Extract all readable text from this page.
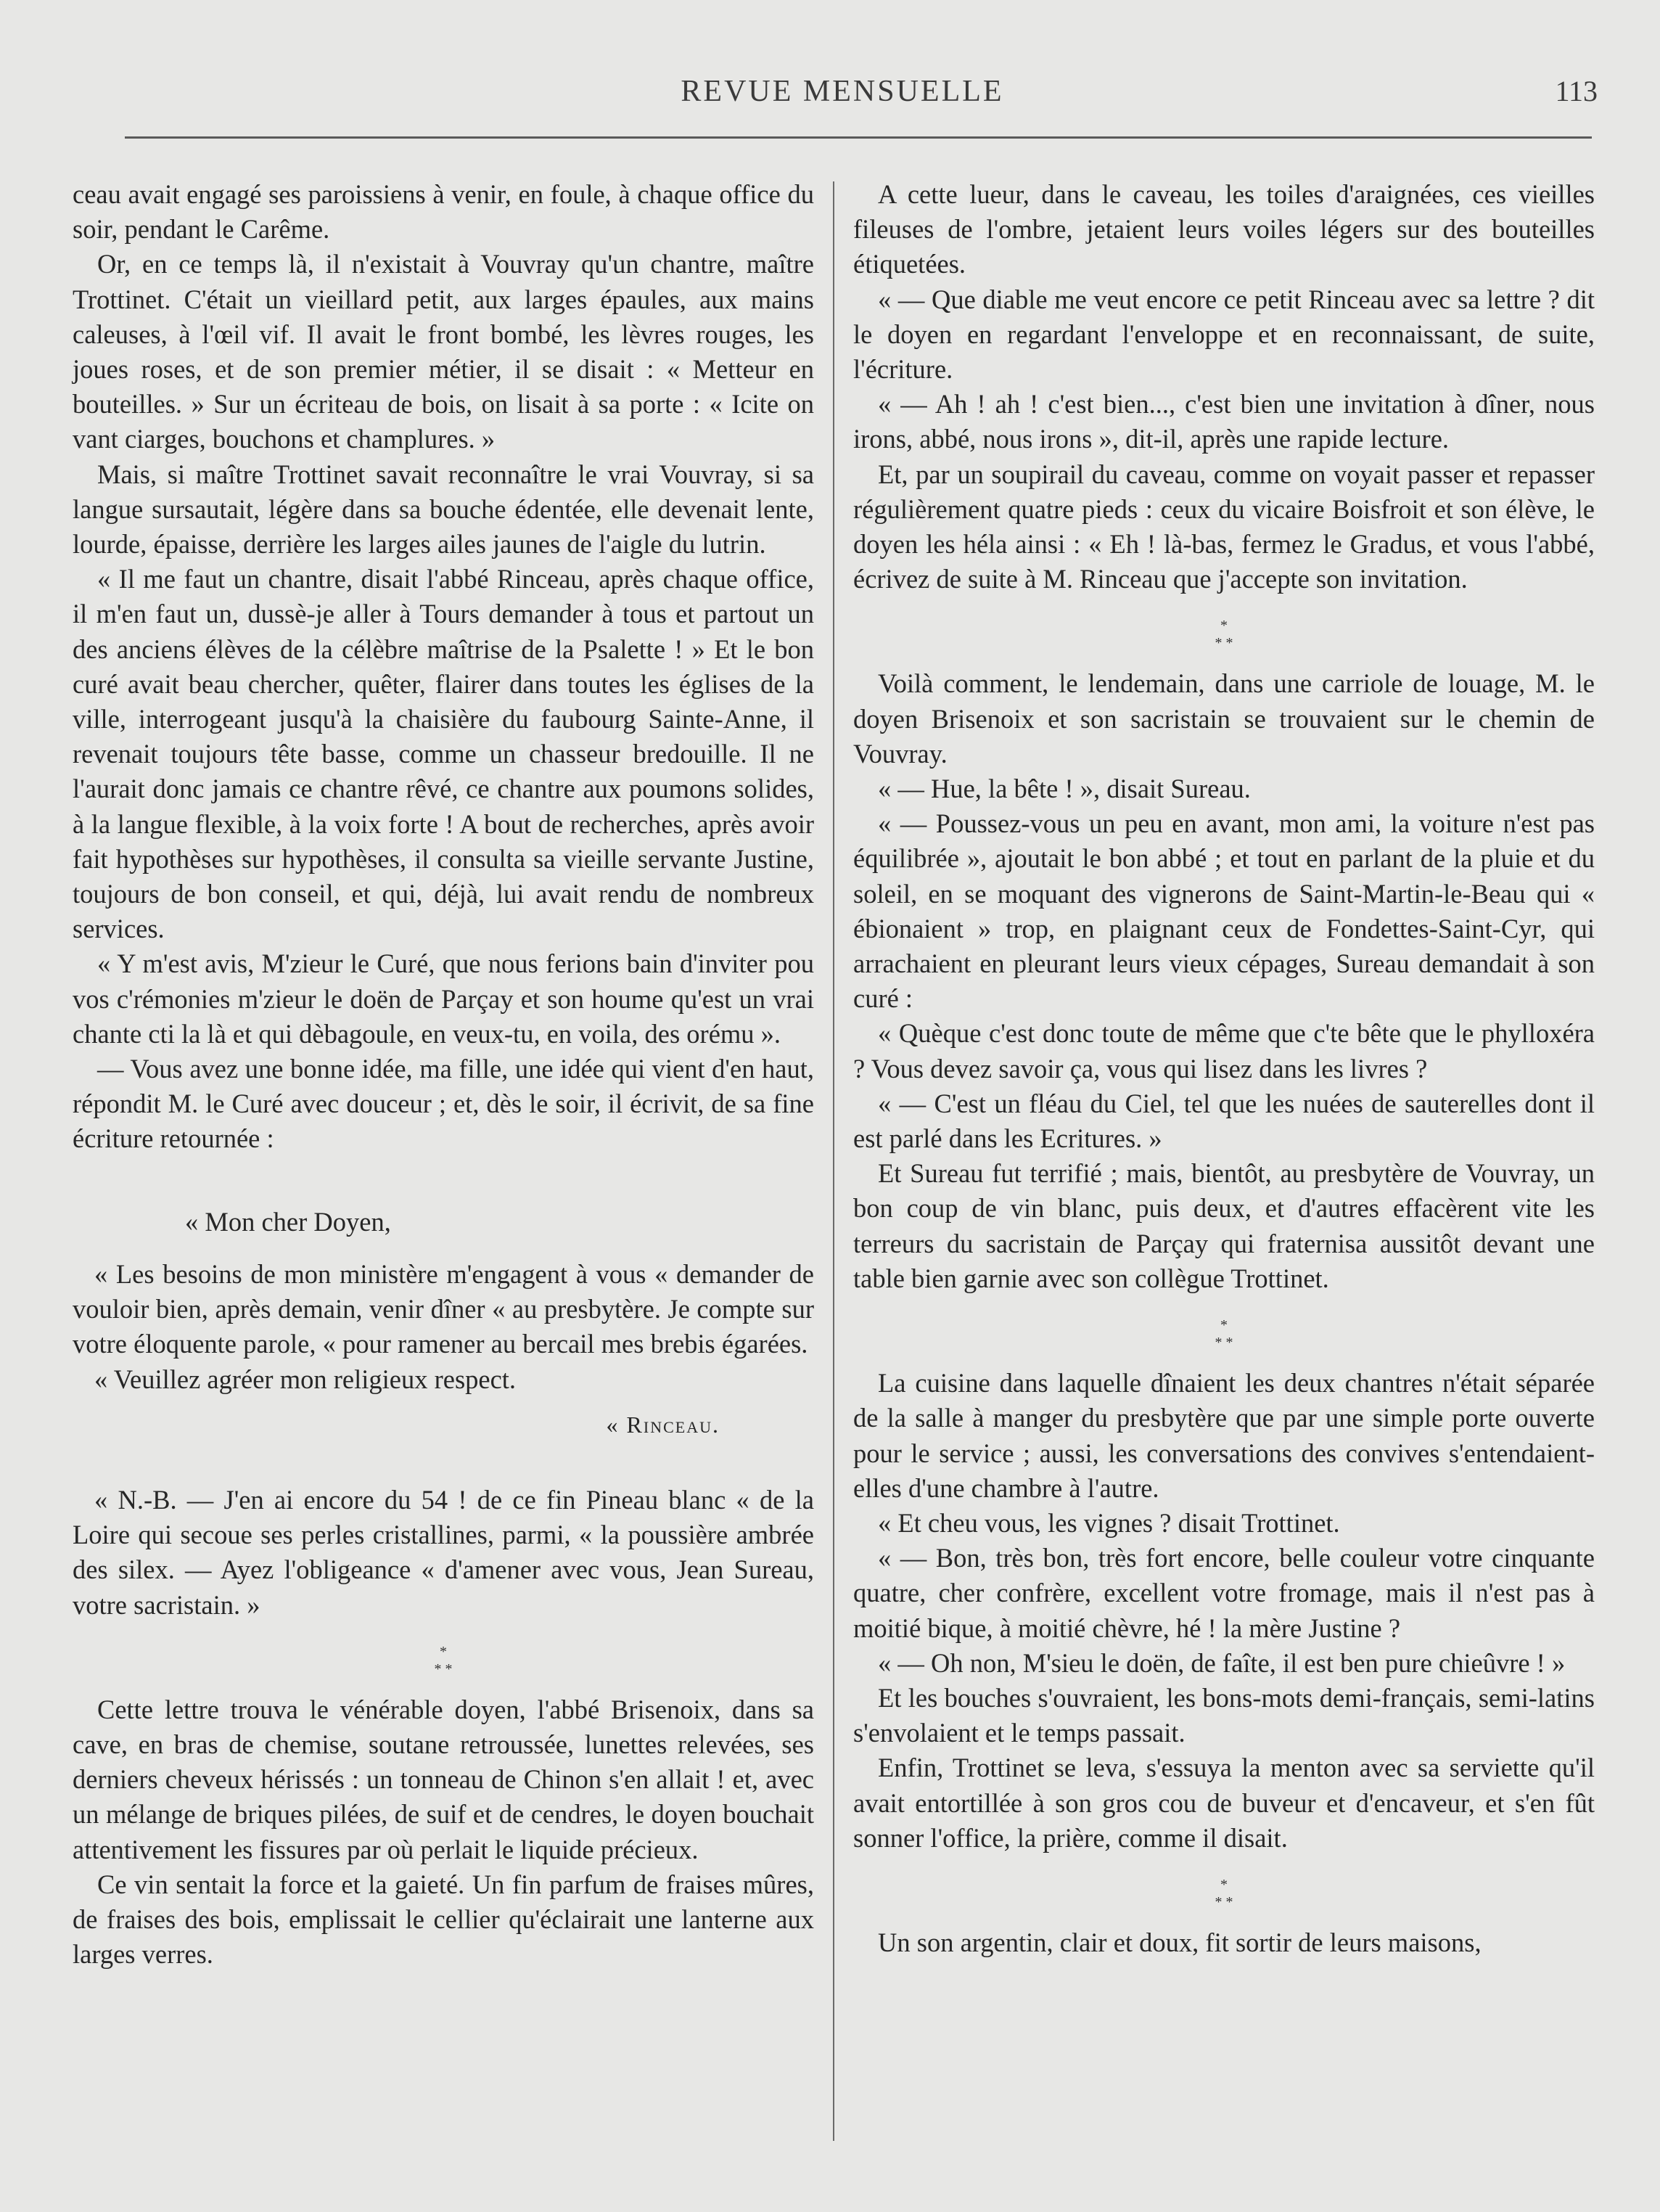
REVUE MENSUELLE	113

ceau avait engagé ses paroissiens à venir, en foule, à chaque office du soir, pendant le Carême.

Or, en ce temps là, il n'existait à Vouvray qu'un chantre, maître Trottinet. C'était un vieillard petit, aux larges épaules, aux mains caleuses, à l'œil vif. Il avait le front bombé, les lèvres rouges, les joues roses, et de son premier métier, il se disait : « Metteur en bouteilles. » Sur un écriteau de bois, on lisait à sa porte : « Icite on vant ciarges, bouchons et champlures. »

Mais, si maître Trottinet savait reconnaître le vrai Vouvray, si sa langue sursautait, légère dans sa bouche édentée, elle devenait lente, lourde, épaisse, derrière les larges ailes jaunes de l'aigle du lutrin.

« Il me faut un chantre, disait l'abbé Rinceau, après chaque office, il m'en faut un, dussè-je aller à Tours demander à tous et partout un des anciens élèves de la célèbre maîtrise de la Psalette ! » Et le bon curé avait beau chercher, quêter, flairer dans toutes les églises de la ville, interrogeant jusqu'à la chaisière du faubourg Sainte-Anne, il revenait toujours tête basse, comme un chasseur bredouille. Il ne l'aurait donc jamais ce chantre rêvé, ce chantre aux poumons solides, à la langue flexible, à la voix forte ! A bout de recherches, après avoir fait hypothèses sur hypothèses, il consulta sa vieille servante Justine, toujours de bon conseil, et qui, déjà, lui avait rendu de nombreux services.

« Y m'est avis, M'zieur le Curé, que nous ferions bain d'inviter pou vos c'rémonies m'zieur le doën de Parçay et son houme qu'est un vrai chante cti la là et qui dèbagoule, en veux-tu, en voila, des orému ».

— Vous avez une bonne idée, ma fille, une idée qui vient d'en haut, répondit M. le Curé avec douceur ; et, dès le soir, il écrivit, de sa fine écriture retournée :

« Mon cher Doyen,

« Les besoins de mon ministère m'engagent à vous « demander de vouloir bien, après demain, venir dîner « au presbytère. Je compte sur votre éloquente parole, « pour ramener au bercail mes brebis égarées.

« Veuillez agréer mon religieux respect.

« Rinceau.

« N.-B. — J'en ai encore du 54 ! de ce fin Pineau blanc « de la Loire qui secoue ses perles cristallines, parmi, « la poussière ambrée des silex. — Ayez l'obligeance « d'amener avec vous, Jean Sureau, votre sacristain. »

*
* *

Cette lettre trouva le vénérable doyen, l'abbé Brisenoix, dans sa cave, en bras de chemise, soutane retroussée, lunettes relevées, ses derniers cheveux hérissés : un tonneau de Chinon s'en allait ! et, avec un mélange de briques pilées, de suif et de cendres, le doyen bouchait attentivement les fissures par où perlait le liquide précieux.

Ce vin sentait la force et la gaieté. Un fin parfum de fraises mûres, de fraises des bois, emplissait le cellier qu'éclairait une lanterne aux larges verres.

A cette lueur, dans le caveau, les toiles d'araignées, ces vieilles fileuses de l'ombre, jetaient leurs voiles légers sur des bouteilles étiquetées.

« — Que diable me veut encore ce petit Rinceau avec sa lettre ? dit le doyen en regardant l'enveloppe et en reconnaissant, de suite, l'écriture.

« — Ah ! ah ! c'est bien..., c'est bien une invitation à dîner, nous irons, abbé, nous irons », dit-il, après une rapide lecture.

Et, par un soupirail du caveau, comme on voyait passer et repasser régulièrement quatre pieds : ceux du vicaire Boisfroit et son élève, le doyen les héla ainsi : « Eh ! là-bas, fermez le Gradus, et vous l'abbé, écrivez de suite à M. Rinceau que j'accepte son invitation.

*
* *

Voilà comment, le lendemain, dans une carriole de louage, M. le doyen Brisenoix et son sacristain se trouvaient sur le chemin de Vouvray.

« — Hue, la bête ! », disait Sureau.

« — Poussez-vous un peu en avant, mon ami, la voiture n'est pas équilibrée », ajoutait le bon abbé ; et tout en parlant de la pluie et du soleil, en se moquant des vignerons de Saint-Martin-le-Beau qui « ébionaient » trop, en plaignant ceux de Fondettes-Saint-Cyr, qui arrachaient en pleurant leurs vieux cépages, Sureau demandait à son curé :

« Quèque c'est donc toute de même que c'te bête que le phylloxéra ? Vous devez savoir ça, vous qui lisez dans les livres ?

« — C'est un fléau du Ciel, tel que les nuées de sauterelles dont il est parlé dans les Ecritures. »

Et Sureau fut terrifié ; mais, bientôt, au presbytère de Vouvray, un bon coup de vin blanc, puis deux, et d'autres effacèrent vite les terreurs du sacristain de Parçay qui fraternisa aussitôt devant une table bien garnie avec son collègue Trottinet.

*
* *

La cuisine dans laquelle dînaient les deux chantres n'était séparée de la salle à manger du presbytère que par une simple porte ouverte pour le service ; aussi, les conversations des convives s'entendaient-elles d'une chambre à l'autre.

« Et cheu vous, les vignes ? disait Trottinet.

« — Bon, très bon, très fort encore, belle couleur votre cinquante quatre, cher confrère, excellent votre fromage, mais il n'est pas à moitié bique, à moitié chèvre, hé ! la mère Justine ?

« — Oh non, M'sieu le doën, de faîte, il est ben pure chieûvre ! »

Et les bouches s'ouvraient, les bons-mots demi-français, semi-latins s'envolaient et le temps passait.

Enfin, Trottinet se leva, s'essuya la menton avec sa serviette qu'il avait entortillée à son gros cou de buveur et d'encaveur, et s'en fût sonner l'office, la prière, comme il disait.

*
* *

Un son argentin, clair et doux, fit sortir de leurs maisons,
